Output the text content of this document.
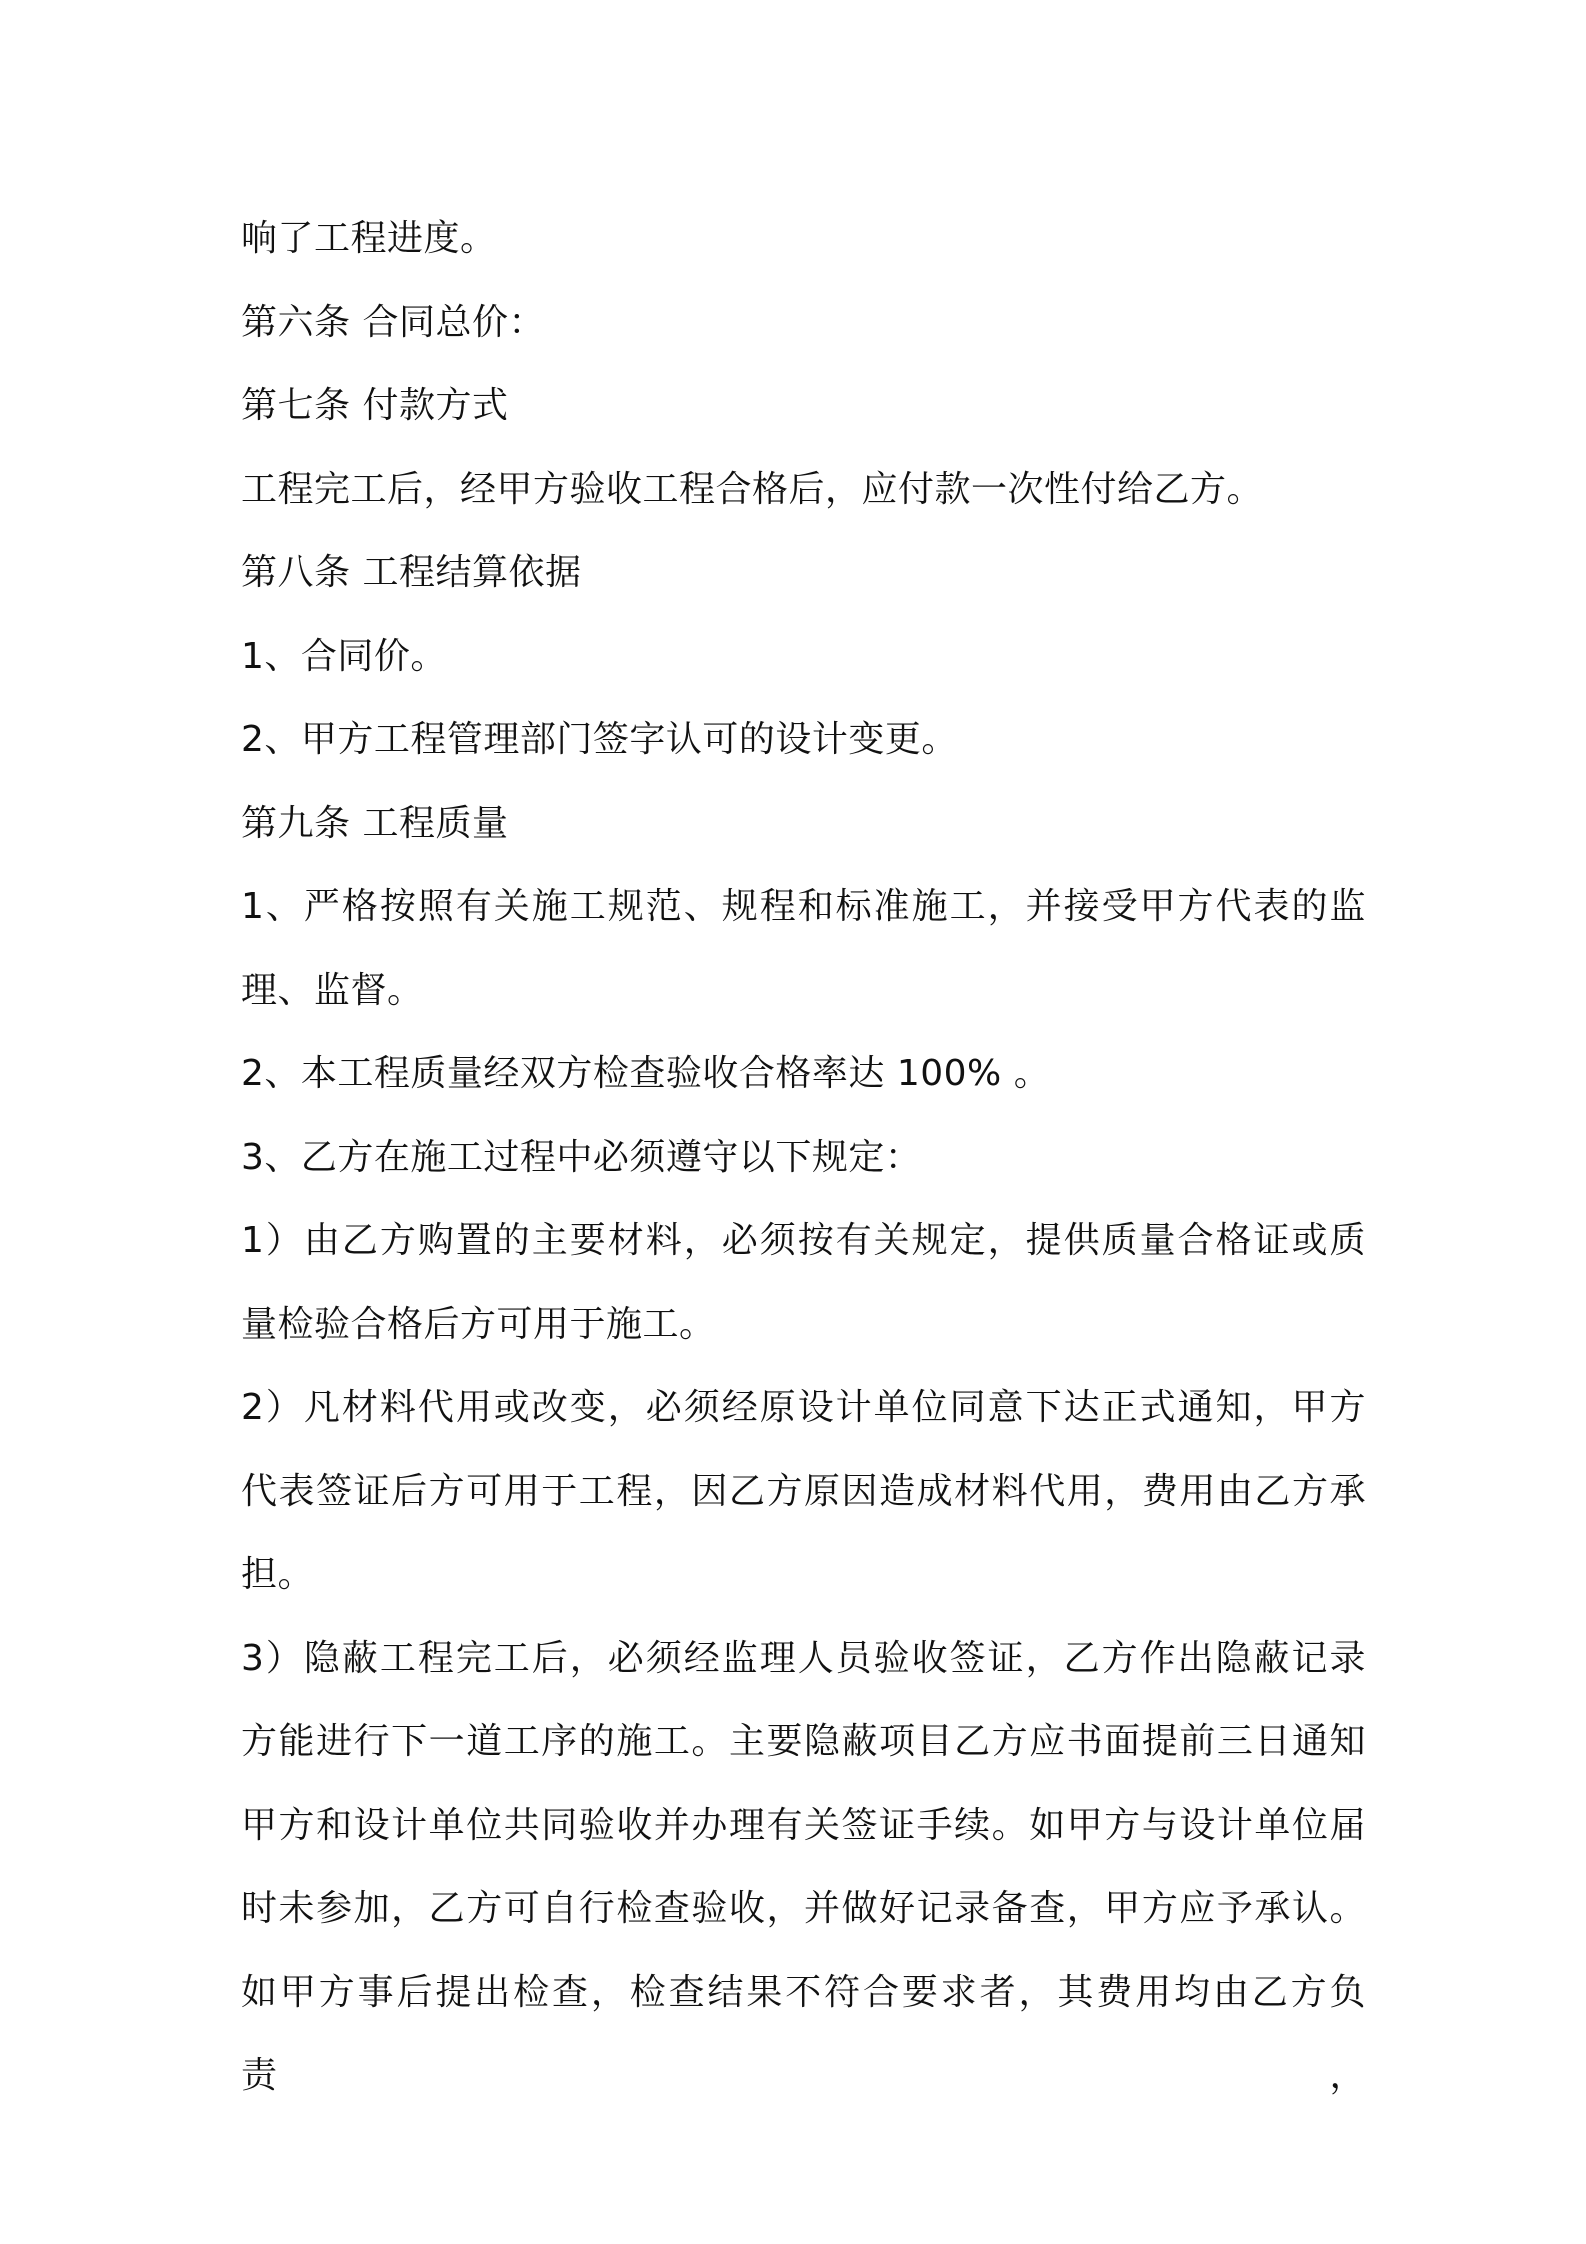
响了工程进度。
第六条 合同总价：
第七条 付款方式
工程完工后，经甲方验收工程合格后，应付款一次性付给乙方。
第八条 工程结算依据
1、合同价。
2、甲方工程管理部门签字认可的设计变更。
第九条 工程质量
1、严格按照有关施工规范、规程和标准施工，并接受甲方代表的监
理、监督。
2、本工程质量经双方检查验收合格率达 100% 。
3、乙方在施工过程中必须遵守以下规定：
1）由乙方购置的主要材料，必须按有关规定，提供质量合格证或质
量检验合格后方可用于施工。
2）凡材料代用或改变，必须经原设计单位同意下达正式通知，甲方
代表签证后方可用于工程，因乙方原因造成材料代用，费用由乙方承
担。
3）隐蔽工程完工后，必须经监理人员验收签证，乙方作出隐蔽记录
方能进行下一道工序的施工。主要隐蔽项目乙方应书面提前三日通知
甲方和设计单位共同验收并办理有关签证手续。如甲方与设计单位届
时未参加，乙方可自行检查验收，并做好记录备查，甲方应予承认。
如甲方事后提出检查，检查结果不符合要求者，其费用均由乙方负责，
